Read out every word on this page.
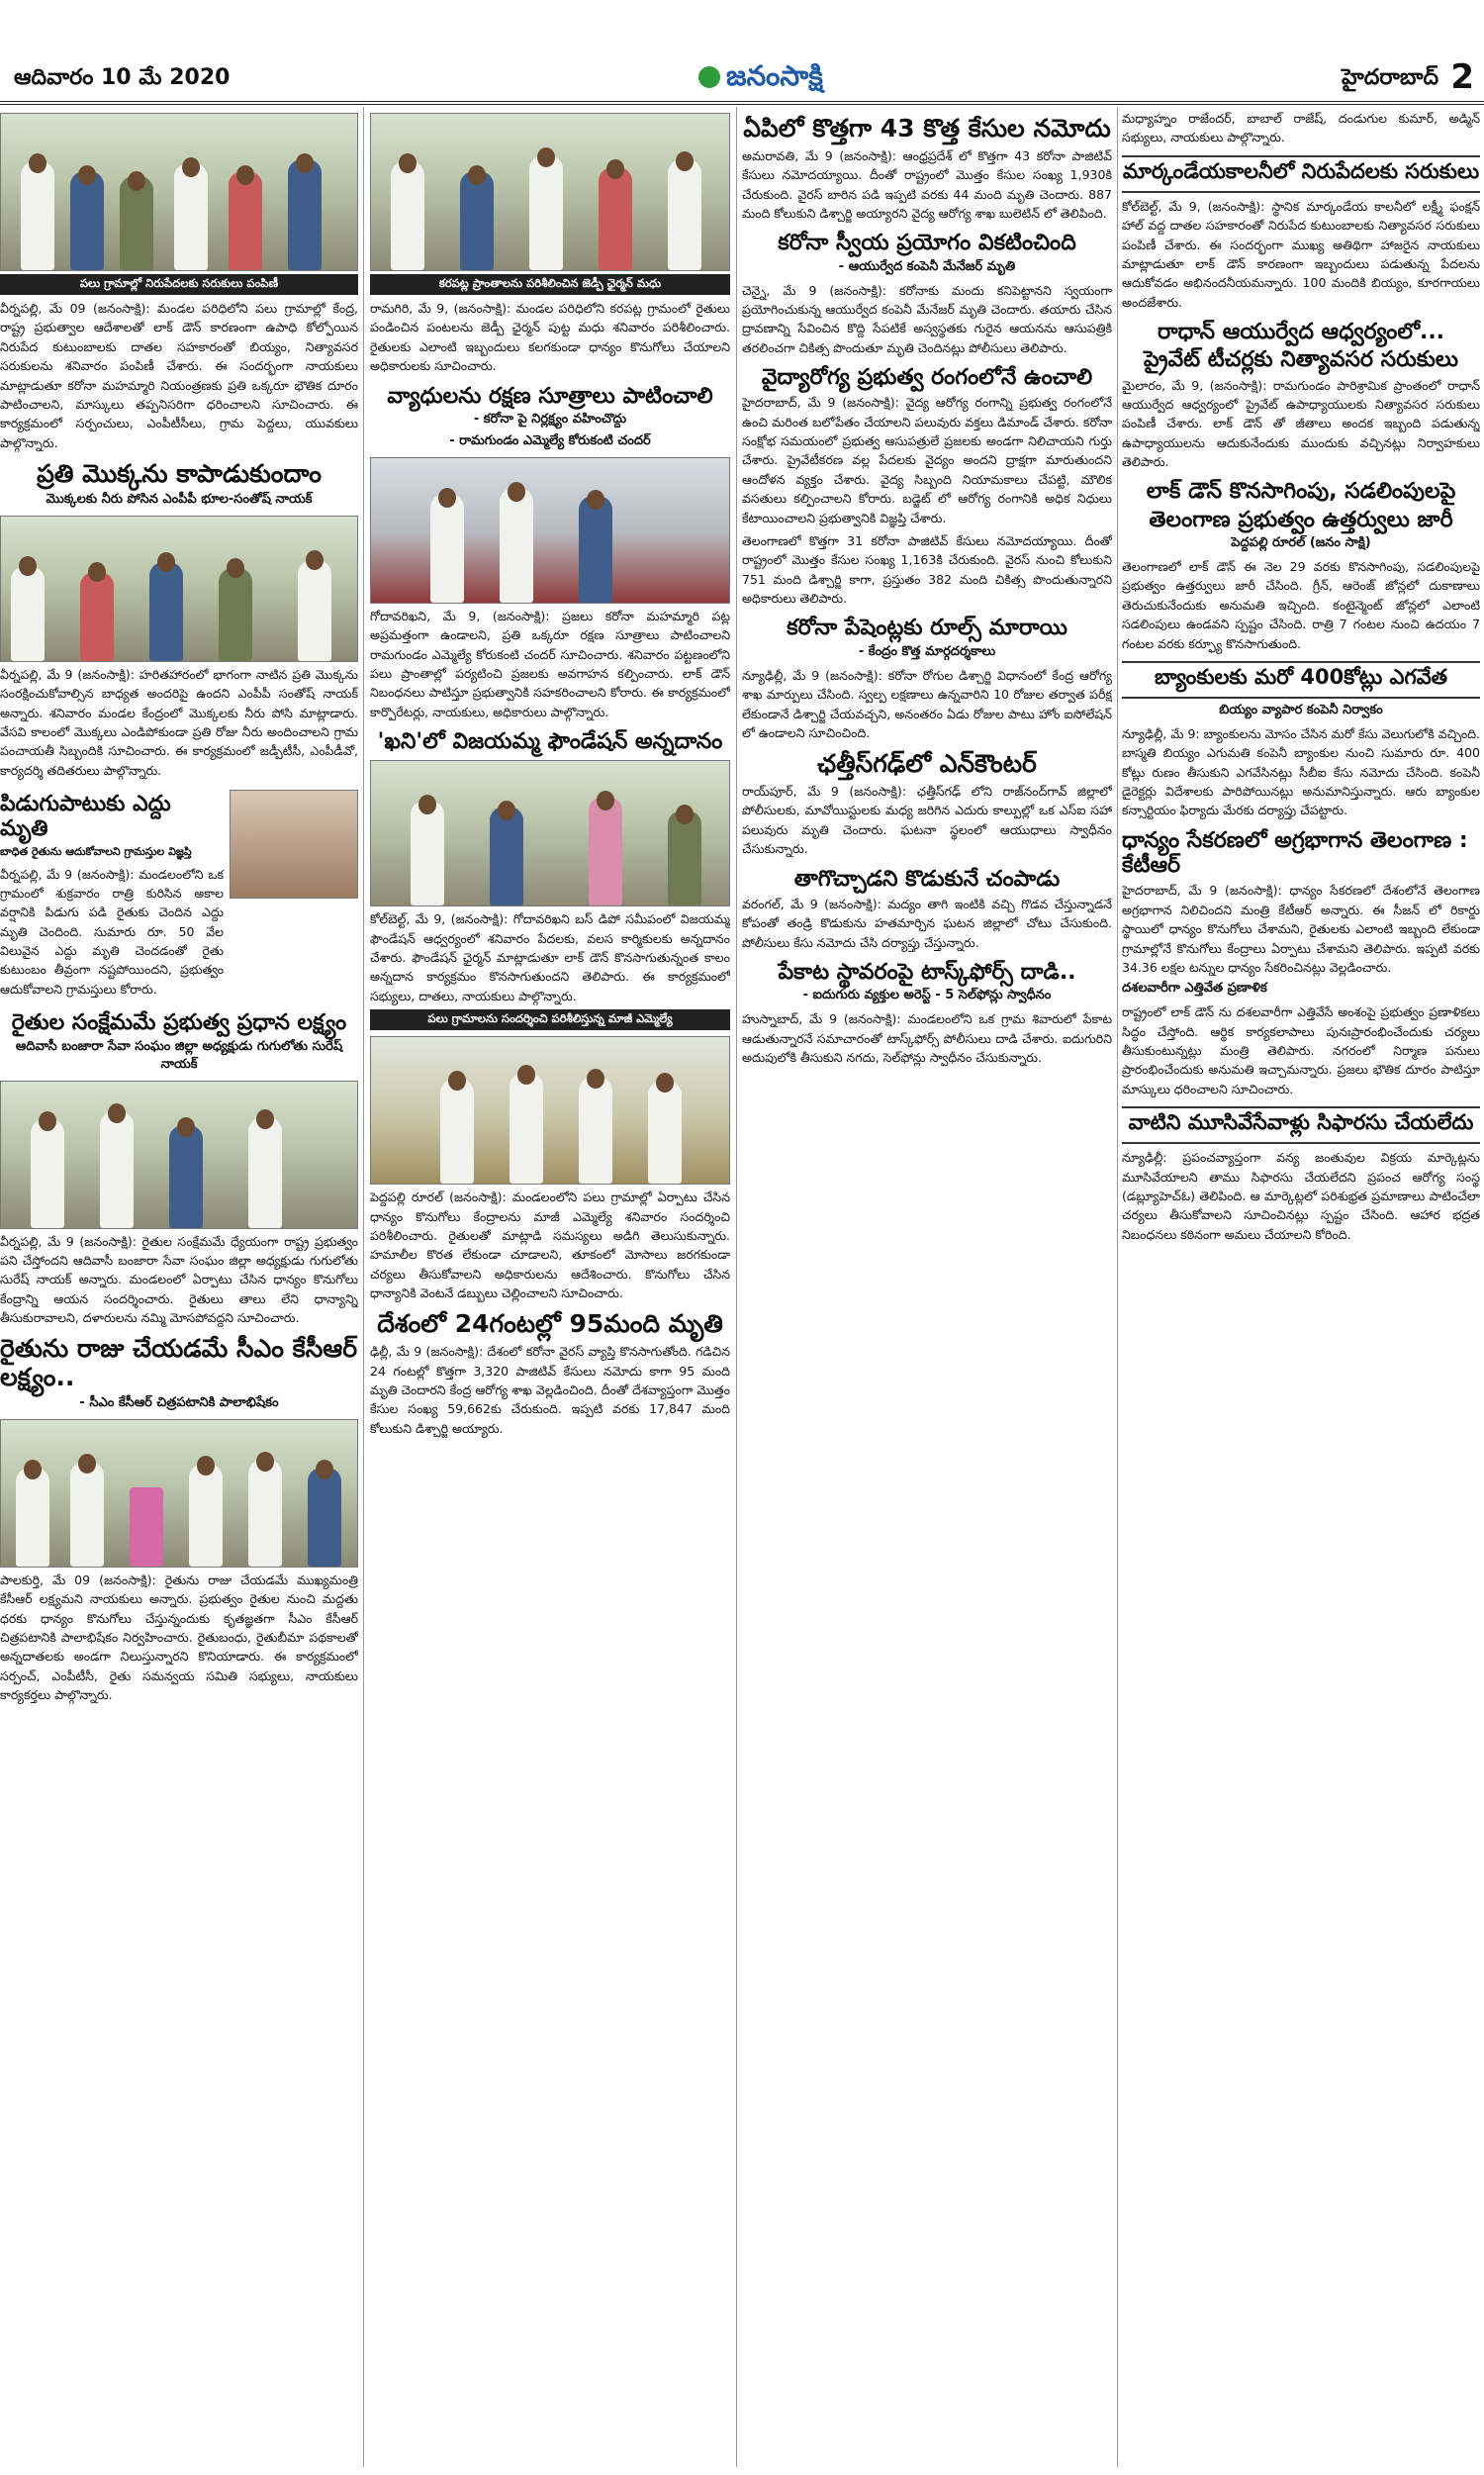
ఆదివారం 10 మే 2020	జనంసాక్షి	హైదరాబాద్ 2
పలు గ్రామాల్లో నిరుపేదలకు సరుకులు పంపిణీ
వీర్నపల్లి, మే 09 (జనంసాక్షి): మండల పరిధిలోని పలు గ్రామాల్లో కేంద్ర, రాష్ట్ర ప్రభుత్వాల ఆదేశాలతో లాక్ డౌన్ కారణంగా ఉపాధి కోల్పోయిన నిరుపేద కుటుంబాలకు దాతల సహకారంతో బియ్యం, నిత్యావసర సరుకులను శనివారం పంపిణీ చేశారు. ఈ సందర్భంగా నాయకులు మాట్లాడుతూ కరోనా మహమ్మారి నియంత్రణకు ప్రతి ఒక్కరూ భౌతిక దూరం పాటించాలని, మాస్కులు తప్పనిసరిగా ధరించాలని సూచించారు. ఈ కార్యక్రమంలో సర్పంచులు, ఎంపీటీసీలు, గ్రామ పెద్దలు, యువకులు పాల్గొన్నారు.
ప్రతి మొక్కను కాపాడుకుందాం
మొక్కలకు నీరు పోసిన ఎంపీపీ భూల-సంతోష్ నాయక్
వీర్నపల్లి, మే 9 (జనంసాక్షి): హరితహారంలో భాగంగా నాటిన ప్రతి మొక్కను సంరక్షించుకోవాల్సిన బాధ్యత అందరిపై ఉందని ఎంపీపీ సంతోష్ నాయక్ అన్నారు. శనివారం మండల కేంద్రంలో మొక్కలకు నీరు పోసి మాట్లాడారు. వేసవి కాలంలో మొక్కలు ఎండిపోకుండా ప్రతి రోజు నీరు అందించాలని గ్రామ పంచాయతీ సిబ్బందికి సూచించారు. ఈ కార్యక్రమంలో జడ్పీటీసీ, ఎంపీడీవో, కార్యదర్శి తదితరులు పాల్గొన్నారు.
పిడుగుపాటుకు ఎద్దు మృతి
బాధిత రైతును ఆదుకోవాలని గ్రామస్తుల విజ్ఞప్తి
వీర్నపల్లి, మే 9 (జనంసాక్షి): మండలంలోని ఒక గ్రామంలో శుక్రవారం రాత్రి కురిసిన అకాల వర్షానికి పిడుగు పడి రైతుకు చెందిన ఎద్దు మృతి చెందింది. సుమారు రూ. 50 వేల విలువైన ఎద్దు మృతి చెందడంతో రైతు కుటుంబం తీవ్రంగా నష్టపోయిందని, ప్రభుత్వం ఆదుకోవాలని గ్రామస్తులు కోరారు.
రైతుల సంక్షేమమే ప్రభుత్వ ప్రధాన లక్ష్యం
ఆదివాసీ బంజారా సేవా సంఘం జిల్లా అధ్యక్షుడు గుగులోతు సురేష్ నాయక్
వీర్నపల్లి, మే 9 (జనంసాక్షి): రైతుల సంక్షేమమే ధ్యేయంగా రాష్ట్ర ప్రభుత్వం పని చేస్తోందని ఆదివాసీ బంజారా సేవా సంఘం జిల్లా అధ్యక్షుడు గుగులోతు సురేష్ నాయక్ అన్నారు. మండలంలో ఏర్పాటు చేసిన ధాన్యం కొనుగోలు కేంద్రాన్ని ఆయన సందర్శించారు. రైతులు తాలు లేని ధాన్యాన్ని తీసుకురావాలని, దళారులను నమ్మి మోసపోవద్దని సూచించారు.
రైతును రాజు చేయడమే సీఎం కేసీఆర్ లక్ష్యం..
- సీఎం కేసీఆర్ చిత్రపటానికి పాలాభిషేకం
పాలకుర్తి, మే 09 (జనంసాక్షి): రైతును రాజు చేయడమే ముఖ్యమంత్రి కేసీఆర్ లక్ష్యమని నాయకులు అన్నారు. ప్రభుత్వం రైతుల నుంచి మద్దతు ధరకు ధాన్యం కొనుగోలు చేస్తున్నందుకు కృతజ్ఞతగా సీఎం కేసీఆర్ చిత్రపటానికి పాలాభిషేకం నిర్వహించారు. రైతుబంధు, రైతుబీమా పథకాలతో అన్నదాతలకు అండగా నిలుస్తున్నారని కొనియాడారు. ఈ కార్యక్రమంలో సర్పంచ్, ఎంపీటీసీ, రైతు సమన్వయ సమితి సభ్యులు, నాయకులు కార్యకర్తలు పాల్గొన్నారు.
కరపట్ల ప్రాంతాలను పరిశీలించిన జెడ్పీ ఛైర్మన్ మధు
రామగిరి, మే 9, (జనంసాక్షి): మండల పరిధిలోని కరపట్ల గ్రామంలో రైతులు పండించిన పంటలను జెడ్పీ ఛైర్మన్ పుట్ట మధు శనివారం పరిశీలించారు. రైతులకు ఎలాంటి ఇబ్బందులు కలగకుండా ధాన్యం కొనుగోలు చేయాలని అధికారులకు సూచించారు.
వ్యాధులను రక్షణ సూత్రాలు పాటించాలి
- కరోనా పై నిర్లక్ష్యం వహించొద్దు
- రామగుండం ఎమ్మెల్యే కోరుకంటి చందర్
గోదావరిఖని, మే 9, (జనంసాక్షి): ప్రజలు కరోనా మహమ్మారి పట్ల అప్రమత్తంగా ఉండాలని, ప్రతి ఒక్కరూ రక్షణ సూత్రాలు పాటించాలని రామగుండం ఎమ్మెల్యే కోరుకంటి చందర్ సూచించారు. శనివారం పట్టణంలోని పలు ప్రాంతాల్లో పర్యటించి ప్రజలకు అవగాహన కల్పించారు. లాక్ డౌన్ నిబంధనలు పాటిస్తూ ప్రభుత్వానికి సహకరించాలని కోరారు. ఈ కార్యక్రమంలో కార్పొరేటర్లు, నాయకులు, అధికారులు పాల్గొన్నారు.
'ఖని'లో విజయమ్మ ఫౌండేషన్ అన్నదానం
కోల్‌బెల్ట్, మే 9, (జనంసాక్షి): గోదావరిఖని బస్ డిపో సమీపంలో విజయమ్మ ఫౌండేషన్ ఆధ్వర్యంలో శనివారం పేదలకు, వలస కార్మికులకు అన్నదానం చేశారు. ఫౌండేషన్ ఛైర్మన్ మాట్లాడుతూ లాక్ డౌన్ కొనసాగుతున్నంత కాలం అన్నదాన కార్యక్రమం కొనసాగుతుందని తెలిపారు. ఈ కార్యక్రమంలో సభ్యులు, దాతలు, నాయకులు పాల్గొన్నారు.
పలు గ్రామాలను సందర్శించి పరిశీలిస్తున్న మాజీ ఎమ్మెల్యే
పెద్దపల్లి రూరల్ (జనంసాక్షి): మండలంలోని పలు గ్రామాల్లో ఏర్పాటు చేసిన ధాన్యం కొనుగోలు కేంద్రాలను మాజీ ఎమ్మెల్యే శనివారం సందర్శించి పరిశీలించారు. రైతులతో మాట్లాడి సమస్యలు అడిగి తెలుసుకున్నారు. హమాలీల కొరత లేకుండా చూడాలని, తూకంలో మోసాలు జరగకుండా చర్యలు తీసుకోవాలని అధికారులను ఆదేశించారు. కొనుగోలు చేసిన ధాన్యానికి వెంటనే డబ్బులు చెల్లించాలని సూచించారు.
దేశంలో 24గంటల్లో 95మంది మృతి
ఢిల్లీ, మే 9 (జనంసాక్షి): దేశంలో కరోనా వైరస్ వ్యాప్తి కొనసాగుతోంది. గడిచిన 24 గంటల్లో కొత్తగా 3,320 పాజిటివ్ కేసులు నమోదు కాగా 95 మంది మృతి చెందారని కేంద్ర ఆరోగ్య శాఖ వెల్లడించింది. దీంతో దేశవ్యాప్తంగా మొత్తం కేసుల సంఖ్య 59,662కు చేరుకుంది. ఇప్పటి వరకు 17,847 మంది కోలుకుని డిశ్చార్జి అయ్యారు.
ఏపిలో కొత్తగా 43 కొత్త కేసుల నమోదు
అమరావతి, మే 9 (జనంసాక్షి): ఆంధ్రప్రదేశ్ లో కొత్తగా 43 కరోనా పాజిటివ్ కేసులు నమోదయ్యాయి. దీంతో రాష్ట్రంలో మొత్తం కేసుల సంఖ్య 1,930కి చేరుకుంది. వైరస్ బారిన పడి ఇప్పటి వరకు 44 మంది మృతి చెందారు. 887 మంది కోలుకుని డిశ్చార్జి అయ్యారని వైద్య ఆరోగ్య శాఖ బులెటిన్ లో తెలిపింది.
కరోనా స్వీయ ప్రయోగం వికటించింది
- ఆయుర్వేద కంపెనీ మేనేజర్ మృతి
చెన్నై, మే 9 (జనంసాక్షి): కరోనాకు మందు కనిపెట్టానని స్వయంగా ప్రయోగించుకున్న ఆయుర్వేద కంపెనీ మేనేజర్ మృతి చెందారు. తయారు చేసిన ద్రావణాన్ని సేవించిన కొద్ది సేపటికే అస్వస్థతకు గురైన ఆయనను ఆసుపత్రికి తరలించగా చికిత్స పొందుతూ మృతి చెందినట్లు పోలీసులు తెలిపారు.
వైద్యారోగ్య ప్రభుత్వ రంగంలోనే ఉంచాలి
హైదరాబాద్, మే 9 (జనంసాక్షి): వైద్య ఆరోగ్య రంగాన్ని ప్రభుత్వ రంగంలోనే ఉంచి మరింత బలోపేతం చేయాలని పలువురు వక్తలు డిమాండ్ చేశారు. కరోనా సంక్షోభ సమయంలో ప్రభుత్వ ఆసుపత్రులే ప్రజలకు అండగా నిలిచాయని గుర్తు చేశారు. ప్రైవేటీకరణ వల్ల పేదలకు వైద్యం అందని ద్రాక్షగా మారుతుందని ఆందోళన వ్యక్తం చేశారు. వైద్య సిబ్బంది నియామకాలు చేపట్టి, మౌలిక వసతులు కల్పించాలని కోరారు. బడ్జెట్ లో ఆరోగ్య రంగానికి అధిక నిధులు కేటాయించాలని ప్రభుత్వానికి విజ్ఞప్తి చేశారు.
తెలంగాణలో కొత్తగా 31 కరోనా పాజిటివ్ కేసులు నమోదయ్యాయి. దీంతో రాష్ట్రంలో మొత్తం కేసుల సంఖ్య 1,163కి చేరుకుంది. వైరస్ నుంచి కోలుకుని 751 మంది డిశ్చార్జి కాగా, ప్రస్తుతం 382 మంది చికిత్స పొందుతున్నారని అధికారులు తెలిపారు.
కరోనా పేషెంట్లకు రూల్స్ మారాయి
- కేంద్రం కొత్త మార్గదర్శకాలు
న్యూఢిల్లీ, మే 9 (జనంసాక్షి): కరోనా రోగుల డిశ్చార్జి విధానంలో కేంద్ర ఆరోగ్య శాఖ మార్పులు చేసింది. స్వల్ప లక్షణాలు ఉన్నవారిని 10 రోజుల తర్వాత పరీక్ష లేకుండానే డిశ్చార్జి చేయవచ్చని, అనంతరం ఏడు రోజుల పాటు హోం ఐసోలేషన్ లో ఉండాలని సూచించింది.
ఛత్తీస్‌గఢ్‌లో ఎన్‌కౌంటర్
రాయ్‌పూర్, మే 9 (జనంసాక్షి): ఛత్తీస్‌గఢ్ లోని రాజ్‌నంద్‌గావ్ జిల్లాలో పోలీసులకు, మావోయిస్టులకు మధ్య జరిగిన ఎదురు కాల్పుల్లో ఒక ఎస్ఐ సహా పలువురు మృతి చెందారు. ఘటనా స్థలంలో ఆయుధాలు స్వాధీనం చేసుకున్నారు.
తాగొచ్చాడని కొడుకునే చంపాడు
వరంగల్, మే 9 (జనంసాక్షి): మద్యం తాగి ఇంటికి వచ్చి గొడవ చేస్తున్నాడనే కోపంతో తండ్రి కొడుకును హతమార్చిన ఘటన జిల్లాలో చోటు చేసుకుంది. పోలీసులు కేసు నమోదు చేసి దర్యాప్తు చేస్తున్నారు.
పేకాట స్థావరంపై టాస్క్‌ఫోర్స్ దాడి..
- ఐదుగురు వ్యక్తుల అరెస్ట్ - 5 సెల్‌ఫోన్లు స్వాధీనం
హుస్నాబాద్, మే 9 (జనంసాక్షి): మండలంలోని ఒక గ్రామ శివారులో పేకాట ఆడుతున్నారనే సమాచారంతో టాస్క్‌ఫోర్స్ పోలీసులు దాడి చేశారు. ఐదుగురిని అదుపులోకి తీసుకుని నగదు, సెల్‌ఫోన్లు స్వాధీనం చేసుకున్నారు.
మధ్యాహ్నం రాజేందర్, బాబాల్ రాజేష్, దండుగుల కుమార్, అడ్మిన్ సభ్యులు, నాయకులు పాల్గొన్నారు.
మార్కండేయకాలనీలో నిరుపేదలకు సరుకులు
కోల్‌బెల్ట్, మే 9, (జనంసాక్షి): స్థానిక మార్కండేయ కాలనీలో లక్ష్మీ ఫంక్షన్ హాల్ వద్ద దాతల సహకారంతో నిరుపేద కుటుంబాలకు నిత్యావసర సరుకులు పంపిణీ చేశారు. ఈ సందర్భంగా ముఖ్య అతిథిగా హాజరైన నాయకులు మాట్లాడుతూ లాక్ డౌన్ కారణంగా ఇబ్బందులు పడుతున్న పేదలను ఆదుకోవడం అభినందనీయమన్నారు. 100 మందికి బియ్యం, కూరగాయలు అందజేశారు.
రాధాన్ ఆయుర్వేద ఆధ్వర్యంలో...
ప్రైవేట్ టీచర్లకు నిత్యావసర సరుకులు
మైలారం, మే 9, (జనంసాక్షి): రామగుండం పారిశ్రామిక ప్రాంతంలో రాధాన్ ఆయుర్వేద ఆధ్వర్యంలో ప్రైవేట్ ఉపాధ్యాయులకు నిత్యావసర సరుకులు పంపిణీ చేశారు. లాక్ డౌన్ తో జీతాలు అందక ఇబ్బంది పడుతున్న ఉపాధ్యాయులను ఆదుకునేందుకు ముందుకు వచ్చినట్లు నిర్వాహకులు తెలిపారు.
లాక్ డౌన్ కొనసాగింపు, సడలింపులపై
తెలంగాణ ప్రభుత్వం ఉత్తర్వులు జారీ
పెద్దపల్లి రూరల్ (జనం సాక్షి)
తెలంగాణలో లాక్ డౌన్ ఈ నెల 29 వరకు కొనసాగింపు, సడలింపులపై ప్రభుత్వం ఉత్తర్వులు జారీ చేసింది. గ్రీన్, ఆరెంజ్ జోన్లలో దుకాణాలు తెరుచుకునేందుకు అనుమతి ఇచ్చింది. కంటైన్మెంట్ జోన్లలో ఎలాంటి సడలింపులు ఉండవని స్పష్టం చేసింది. రాత్రి 7 గంటల నుంచి ఉదయం 7 గంటల వరకు కర్ఫ్యూ కొనసాగుతుంది.
బ్యాంకులకు మరో 400కోట్లు ఎగవేత
బియ్యం వ్యాపార కంపెనీ నిర్వాకం
న్యూఢిల్లీ, మే 9: బ్యాంకులను మోసం చేసిన మరో కేసు వెలుగులోకి వచ్చింది. బాస్మతి బియ్యం ఎగుమతి కంపెనీ బ్యాంకుల నుంచి సుమారు రూ. 400 కోట్లు రుణం తీసుకుని ఎగవేసినట్లు సీబీఐ కేసు నమోదు చేసింది. కంపెనీ డైరెక్టర్లు విదేశాలకు పారిపోయినట్లు అనుమానిస్తున్నారు. ఆరు బ్యాంకుల కన్సార్టియం ఫిర్యాదు మేరకు దర్యాప్తు చేపట్టారు.
ధాన్యం సేకరణలో అగ్రభాగాన తెలంగాణ : కేటీఆర్
హైదరాబాద్, మే 9 (జనంసాక్షి): ధాన్యం సేకరణలో దేశంలోనే తెలంగాణ అగ్రభాగాన నిలిచిందని మంత్రి కేటీఆర్ అన్నారు. ఈ సీజన్ లో రికార్డు స్థాయిలో ధాన్యం కొనుగోలు చేశామని, రైతులకు ఎలాంటి ఇబ్బంది లేకుండా గ్రామాల్లోనే కొనుగోలు కేంద్రాలు ఏర్పాటు చేశామని తెలిపారు. ఇప్పటి వరకు 34.36 లక్షల టన్నుల ధాన్యం సేకరించినట్లు వెల్లడించారు.
దశలవారీగా ఎత్తివేత ప్రణాళిక
రాష్ట్రంలో లాక్ డౌన్ ను దశలవారీగా ఎత్తివేసే అంశంపై ప్రభుత్వం ప్రణాళికలు సిద్ధం చేస్తోంది. ఆర్థిక కార్యకలాపాలు పునఃప్రారంభించేందుకు చర్యలు తీసుకుంటున్నట్లు మంత్రి తెలిపారు. నగరంలో నిర్మాణ పనులు ప్రారంభించేందుకు అనుమతి ఇచ్చామన్నారు. ప్రజలు భౌతిక దూరం పాటిస్తూ మాస్కులు ధరించాలని సూచించారు.
వాటిని మూసివేసేవాళ్లు సిఫారసు చేయలేదు
న్యూఢిల్లీ: ప్రపంచవ్యాప్తంగా వన్య జంతువుల విక్రయ మార్కెట్లను మూసివేయాలని తాము సిఫారసు చేయలేదని ప్రపంచ ఆరోగ్య సంస్థ (డబ్ల్యూహెచ్ఓ) తెలిపింది. ఆ మార్కెట్లలో పరిశుభ్రత ప్రమాణాలు పాటించేలా చర్యలు తీసుకోవాలని సూచించినట్లు స్పష్టం చేసింది. ఆహార భద్రత నిబంధనలు కఠినంగా అమలు చేయాలని కోరింది.
